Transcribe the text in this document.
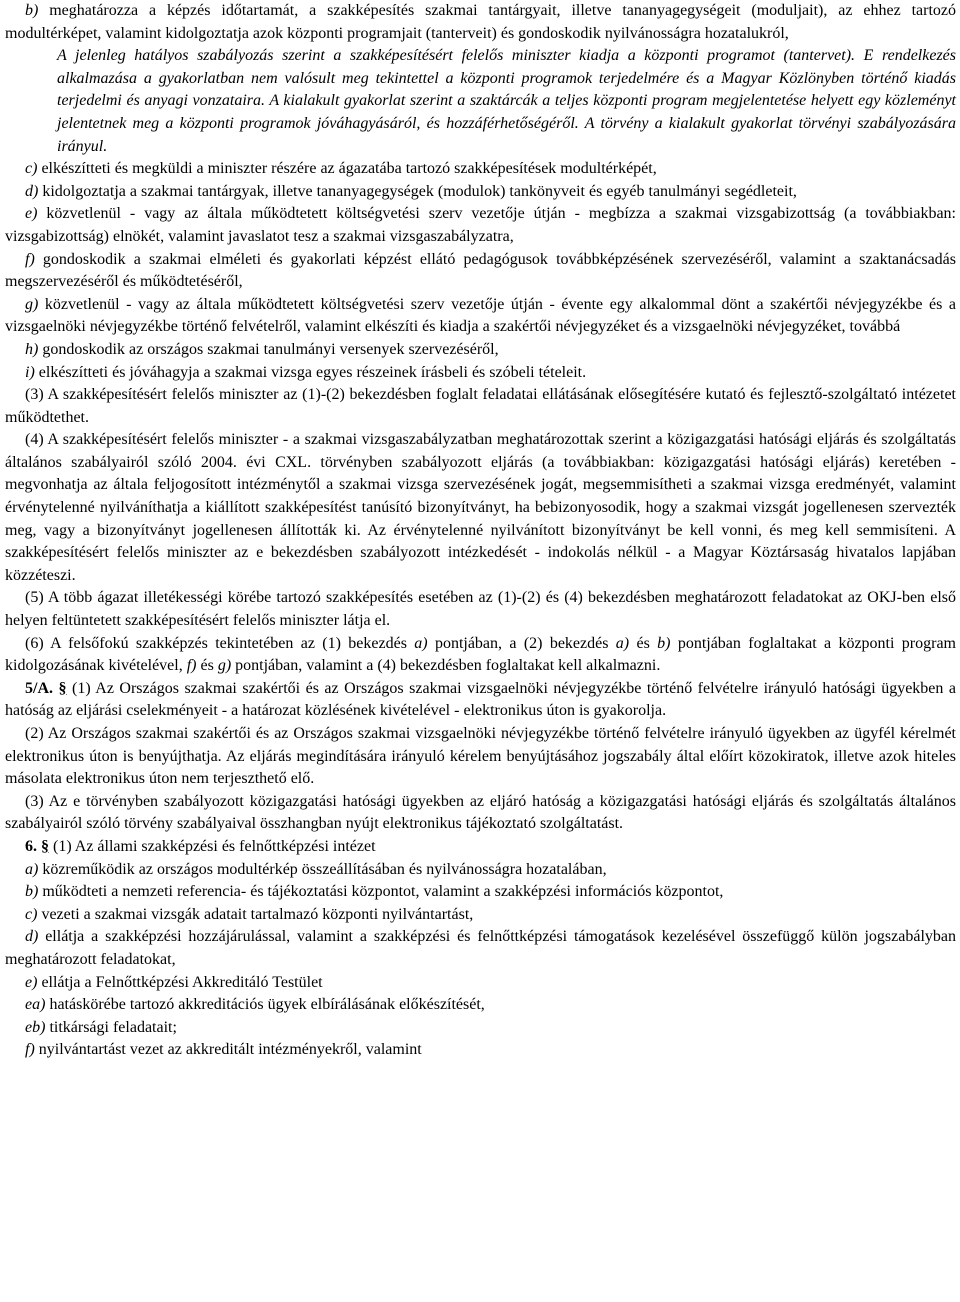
b) meghatározza a képzés időtartamát, a szakképesítés szakmai tantárgyait, illetve tananyagegységeit (moduljait), az ehhez tartozó modultérképet, valamint kidolgoztatja azok központi programjait (tanterveit) és gondoskodik nyilvánosságra hozatalukról,

A jelenleg hatályos szabályozás szerint a szakképesítésért felelős miniszter kiadja a központi programot (tantervet). E rendelkezés alkalmazása a gyakorlatban nem valósult meg tekintettel a központi programok terjedelmére és a Magyar Közlönyben történő kiadás terjedelmi és anyagi vonzataira. A kialakult gyakorlat szerint a szaktárcák a teljes központi program megjelentetése helyett egy közleményt jelentetnek meg a központi programok jóváhagyásáról, és hozzáférhetőségéről. A törvény a kialakult gyakorlat törvényi szabályozására irányul.

c) elkészítteti és megküldi a miniszter részére az ágazatába tartozó szakképesítések modultérképét,

d) kidolgoztatja a szakmai tantárgyak, illetve tananyagegységek (modulok) tankönyveit és egyéb tanulmányi segédleteit,

e) közvetlenül - vagy az általa működtetett költségvetési szerv vezetője útján - megbízza a szakmai vizsgabizottság (a továbbiakban: vizsgabizottság) elnökét, valamint javaslatot tesz a szakmai vizsgaszabályzatra,

f) gondoskodik a szakmai elméleti és gyakorlati képzést ellátó pedagógusok továbbképzésének szervezéséről, valamint a szaktanácsadás megszervezéséről és működtetéséről,

g) közvetlenül - vagy az általa működtetett költségvetési szerv vezetője útján - évente egy alkalommal dönt a szakértői névjegyzékbe és a vizsgaelnöki névjegyzékbe történő felvételről, valamint elkészíti és kiadja a szakértői névjegyzéket és a vizsgaelnöki névjegyzéket, továbbá

h) gondoskodik az országos szakmai tanulmányi versenyek szervezéséről,

i) elkészítteti és jóváhagyja a szakmai vizsga egyes részeinek írásbeli és szóbeli tételeit.

(3) A szakképesítésért felelős miniszter az (1)-(2) bekezdésben foglalt feladatai ellátásának elősegítésére kutató és fejlesztő-szolgáltató intézetet működtethet.

(4) A szakképesítésért felelős miniszter - a szakmai vizsgaszabályzatban meghatározottak szerint a közigazgatási hatósági eljárás és szolgáltatás általános szabályairól szóló 2004. évi CXL. törvényben szabályozott eljárás (a továbbiakban: közigazgatási hatósági eljárás) keretében - megvonhatja az általa feljogosított intézménytől a szakmai vizsga szervezésének jogát, megsemmisítheti a szakmai vizsga eredményét, valamint érvénytelenné nyilváníthatja a kiállított szakképesítést tanúsító bizonyítványt, ha bebizonyosodik, hogy a szakmai vizsgát jogellenesen szervezték meg, vagy a bizonyítványt jogellenesen állították ki. Az érvénytelenné nyilvánított bizonyítványt be kell vonni, és meg kell semmisíteni. A szakképesítésért felelős miniszter az e bekezdésben szabályozott intézkedését - indokolás nélkül - a Magyar Köztársaság hivatalos lapjában közzéteszi.

(5) A több ágazat illetékességi körébe tartozó szakképesítés esetében az (1)-(2) és (4) bekezdésben meghatározott feladatokat az OKJ-ben első helyen feltüntetett szakképesítésért felelős miniszter látja el.

(6) A felsőfokú szakképzés tekintetében az (1) bekezdés a) pontjában, a (2) bekezdés a) és b) pontjában foglaltakat a központi program kidolgozásának kivételével, f) és g) pontjában, valamint a (4) bekezdésben foglaltakat kell alkalmazni.

5/A. § (1) Az Országos szakmai szakértői és az Országos szakmai vizsgaelnöki névjegyzékbe történő felvételre irányuló hatósági ügyekben a hatóság az eljárási cselekményeit - a határozat közlésének kivételével - elektronikus úton is gyakorolja.

(2) Az Országos szakmai szakértői és az Országos szakmai vizsgaelnöki névjegyzékbe történő felvételre irányuló ügyekben az ügyfél kérelmét elektronikus úton is benyújthatja. Az eljárás megindítására irányuló kérelem benyújtásához jogszabály által előírt közokiratok, illetve azok hiteles másolata elektronikus úton nem terjeszthető elő.

(3) Az e törvényben szabályozott közigazgatási hatósági ügyekben az eljáró hatóság a közigazgatási hatósági eljárás és szolgáltatás általános szabályairól szóló törvény szabályaival összhangban nyújt elektronikus tájékoztató szolgáltatást.

6. § (1) Az állami szakképzési és felnőttképzési intézet

a) közreműködik az országos modultérkép összeállításában és nyilvánosságra hozatalában,

b) működteti a nemzeti referencia- és tájékoztatási központot, valamint a szakképzési információs központot,

c) vezeti a szakmai vizsgák adatait tartalmazó központi nyilvántartást,

d) ellátja a szakképzési hozzájárulással, valamint a szakképzési és felnőttképzési támogatások kezelésével összefüggő külön jogszabályban meghatározott feladatokat,

e) ellátja a Felnőttképzési Akkreditáló Testület

ea) hatáskörébe tartozó akkreditációs ügyek elbírálásának előkészítését,

eb) titkársági feladatait;

f) nyilvántartást vezet az akkreditált intézményekről, valamint
